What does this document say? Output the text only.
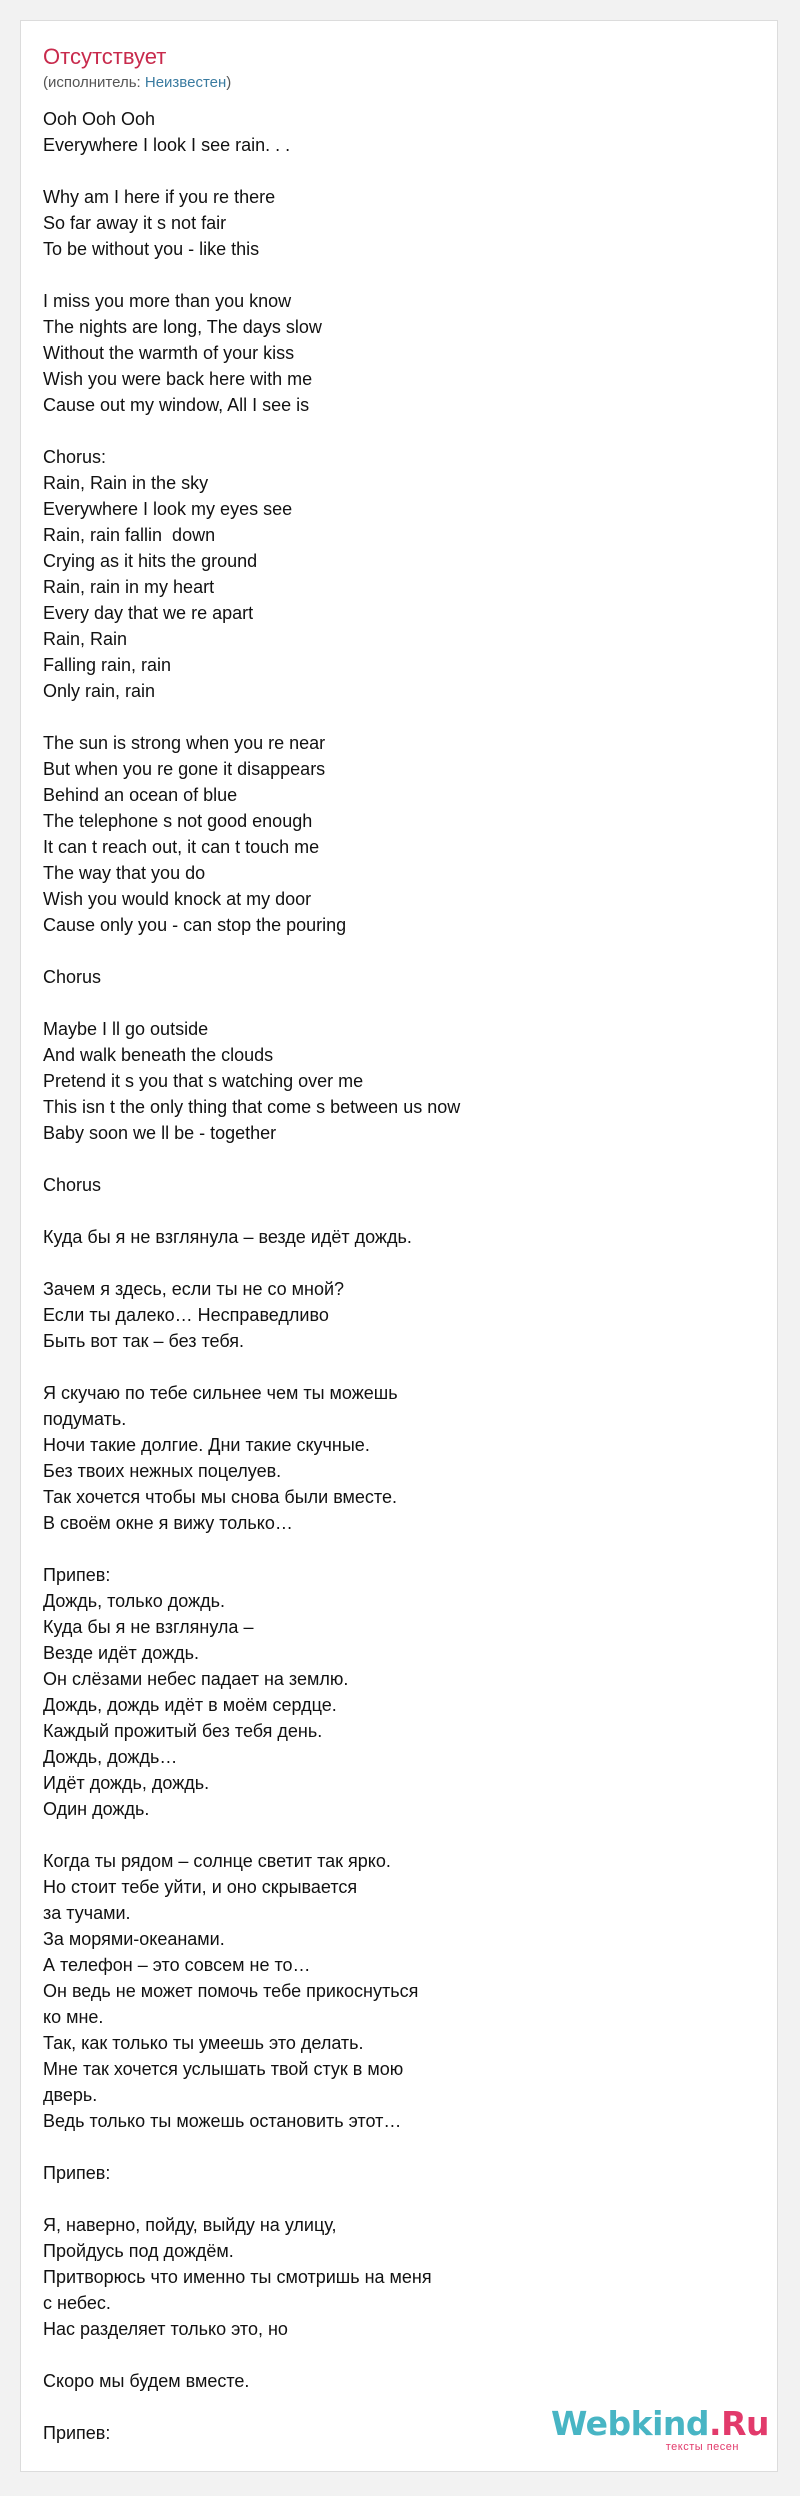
Отсутствует
(исполнитель: Неизвестен)
Ooh Ooh Ooh
Everywhere I look I see rain. . .
Why am I here if you re there
So far away it s not fair
To be without you - like this
I miss you more than you know
The nights are long, The days slow
Without the warmth of your kiss
Wish you were back here with me
Cause out my window, All I see is
Chorus:
Rain, Rain in the sky
Everywhere I look my eyes see
Rain, rain fallin  down
Crying as it hits the ground
Rain, rain in my heart
Every day that we re apart
Rain, Rain
Falling rain, rain
Only rain, rain
The sun is strong when you re near
But when you re gone it disappears
Behind an ocean of blue
The telephone s not good enough
It can t reach out, it can t touch me
The way that you do
Wish you would knock at my door
Cause only you - can stop the pouring
Chorus
Maybe I ll go outside
And walk beneath the clouds
Pretend it s you that s watching over me
This isn t the only thing that come s between us now
Baby soon we ll be - together
Chorus
Куда бы я не взглянула – везде идёт дождь.
Зачем я здесь, если ты не со мной?
Если ты далеко… Несправедливо
Быть вот так – без тебя.
Я скучаю по тебе сильнее чем ты можешь
подумать.
Ночи такие долгие. Дни такие скучные.
Без твоих нежных поцелуев.
Так хочется чтобы мы снова были вместе.
В своём окне я вижу только…
Припев:
Дождь, только дождь.
Куда бы я не взглянула –
Везде идёт дождь.
Он слёзами небес падает на землю.
Дождь, дождь идёт в моём сердце.
Каждый прожитый без тебя день.
Дождь, дождь…
Идёт дождь, дождь.
Один дождь.
Когда ты рядом – солнце светит так ярко.
Но стоит тебе уйти, и оно скрывается
за тучами.
За морями-океанами.
А телефон – это совсем не то…
Он ведь не может помочь тебе прикоснуться
ко мне.
Так, как только ты умеешь это делать.
Мне так хочется услышать твой стук в мою
дверь.
Ведь только ты можешь остановить этот…
Припев:
Я, наверно, пойду, выйду на улицу,
Пройдусь под дождём.
Притворюсь что именно ты смотришь на меня
с небес.
Нас разделяет только это, но
Скоро мы будем вместе.
Припев:	Webkind.Ru
тексты песен
